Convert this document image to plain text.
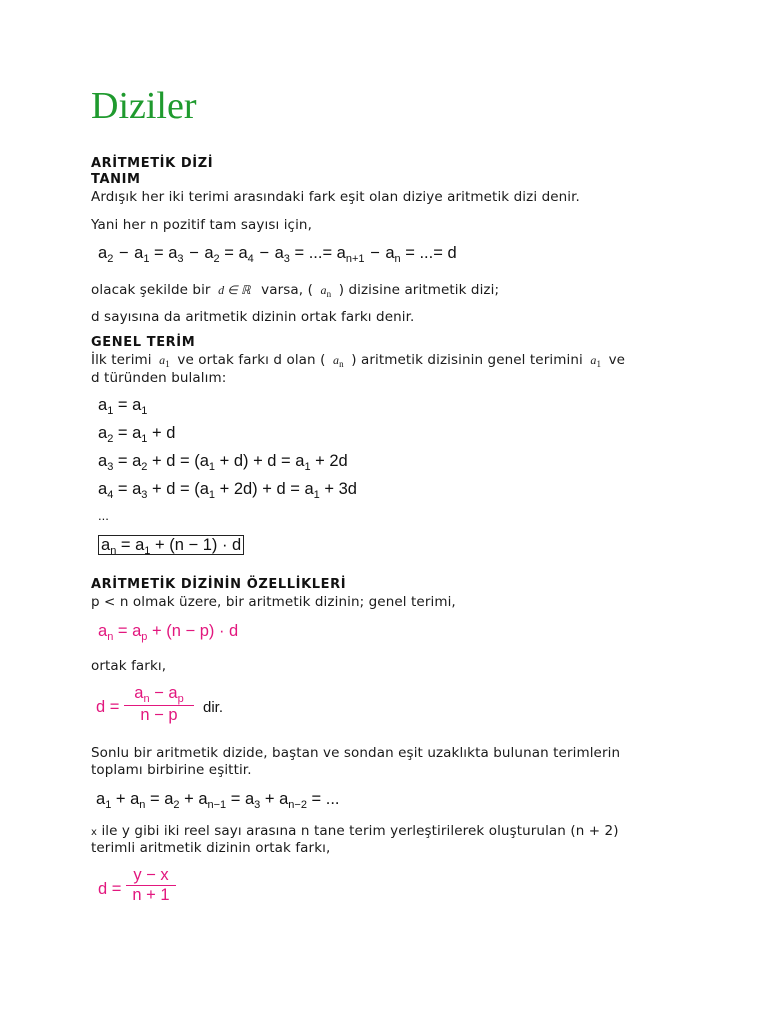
Diziler
ARİTMETİK DİZİ
TANIM
Ardışık her iki terimi arasındaki fark eşit olan diziye aritmetik dizi denir.
Yani her n pozitif tam sayısı için,
$a_2 - a_1 = a_3 - a_2 = a_4 - a_3$ = ...= $a_{n+1} - a_n$ = ...= d
olacak şekilde bir  d ∈ ℝ   varsa, (  $a_n$ ) dizisine aritmetik dizi;
d sayısına da aritmetik dizinin ortak farkı denir.
GENEL TERİM
İlk terimi  $a_1$ ve ortak farkı d olan (  $a_n$ ) aritmetik dizisinin genel terimini  $a_1$ ve
d türünden bulalım:
$a_1 = a_1$
$a_2 = a_1 + d$
$a_3 = a_2 + d = (a_1 + d) + d = a_1 + 2d$
$a_4 = a_3 + d = (a_1 + 2d) + d = a_1 + 3d$
...
$a_n = a_1 + (n - 1) \cdot d$
ARİTMETİK DİZİNİN ÖZELLİKLERİ
p < n olmak üzere, bir aritmetik dizinin; genel terimi,
$a_n = a_p + (n - p) \cdot d$
ortak farkı,
d =
$a_n - a_p$
n − p	dir.
Sonlu bir aritmetik dizide, baştan ve sondan eşit uzaklıkta bulunan terimlerin
toplamı birbirine eşittir.
$a_1 + a_n = a_2 + a_{n-1} = a_3 + a_{n-2}$ = ...
x ile y gibi iki reel sayı arasına n tane terim yerleştirilerek oluşturulan (n + 2)
terimli aritmetik dizinin ortak farkı,
d =
y − x
n + 1
